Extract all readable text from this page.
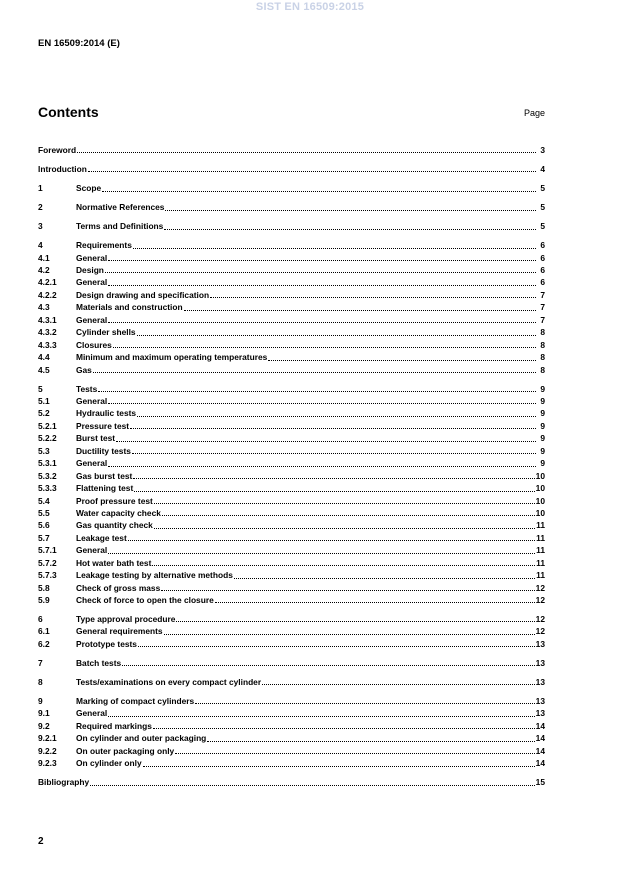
SIST EN 16509:2015
EN 16509:2014 (E)
Contents	Page
Foreword	3
Introduction	4
1	Scope	5
2	Normative References	5
3	Terms and Definitions	5
4	Requirements	6
4.1	General	6
4.2	Design	6
4.2.1	General	6
4.2.2	Design drawing and specification	7
4.3	Materials and construction	7
4.3.1	General	7
4.3.2	Cylinder shells	8
4.3.3	Closures	8
4.4	Minimum and maximum operating temperatures	8
4.5	Gas	8
5	Tests	9
5.1	General	9
5.2	Hydraulic tests	9
5.2.1	Pressure test	9
5.2.2	Burst test	9
5.3	Ductility tests	9
5.3.1	General	9
5.3.2	Gas burst test	10
5.3.3	Flattening test	10
5.4	Proof pressure test	10
5.5	Water capacity check	10
5.6	Gas quantity check	11
5.7	Leakage test	11
5.7.1	General	11
5.7.2	Hot water bath test	11
5.7.3	Leakage testing by alternative methods	11
5.8	Check of gross mass	12
5.9	Check of force to open the closure	12
6	Type approval procedure	12
6.1	General requirements	12
6.2	Prototype tests	13
7	Batch tests	13
8	Tests/examinations on every compact cylinder	13
9	Marking of compact cylinders	13
9.1	General	13
9.2	Required markings	14
9.2.1	On cylinder and outer packaging	14
9.2.2	On outer packaging only	14
9.2.3	On cylinder only	14
Bibliography	15
2
